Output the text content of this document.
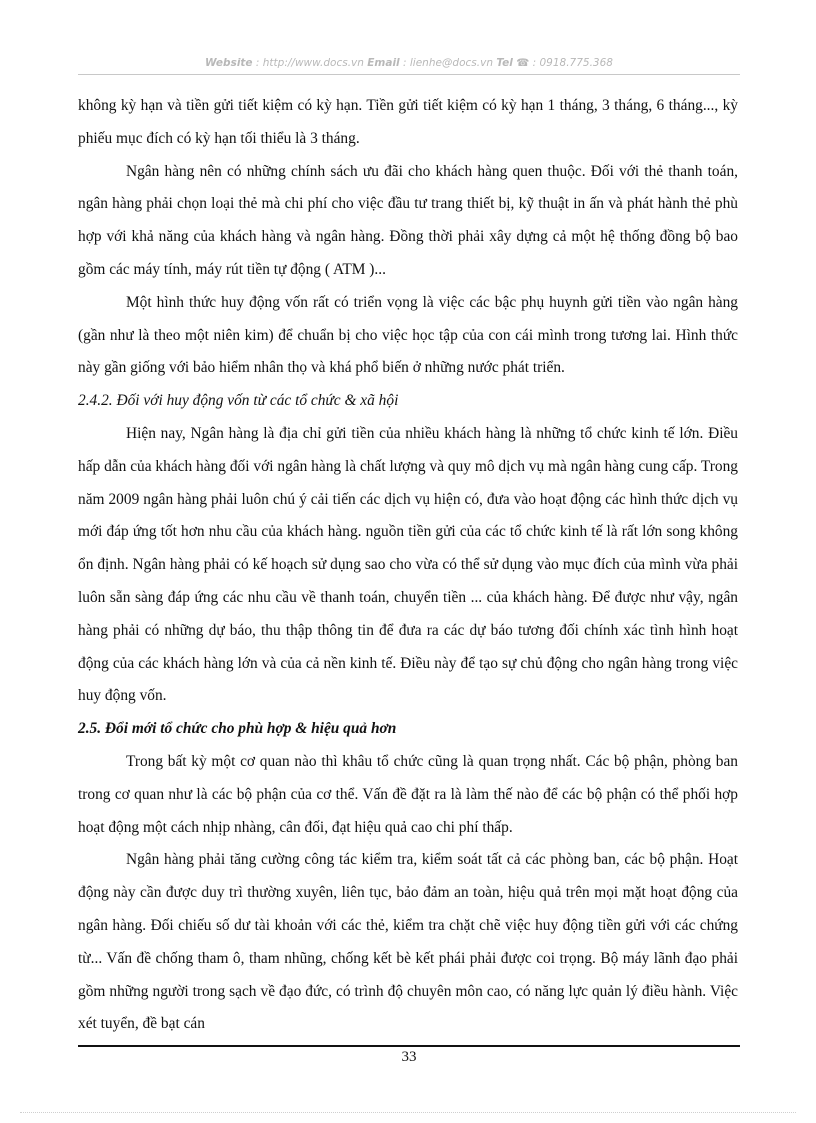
Website : http://www.docs.vn Email : lienhe@docs.vn Tel ☎ : 0918.775.368

không kỳ hạn và tiền gửi tiết kiệm có kỳ hạn. Tiền gửi tiết kiệm có kỳ hạn 1 tháng, 3 tháng, 6 tháng..., kỳ phiếu mục đích có kỳ hạn tối thiểu là 3 tháng.

Ngân hàng nên có những chính sách ưu đãi cho khách hàng quen thuộc. Đối với thẻ thanh toán, ngân hàng phải chọn loại thẻ mà chi phí cho việc đầu tư trang thiết bị, kỹ thuật in ấn và phát hành thẻ phù hợp với khả năng của khách hàng và ngân hàng. Đồng thời phải xây dựng cả một hệ thống đồng bộ bao gồm các máy tính, máy rút tiền tự động ( ATM )...

Một hình thức huy động vốn rất có triển vọng là việc các bậc phụ huynh gửi tiền vào ngân hàng (gần như là theo một niên kim) để chuẩn bị cho việc học tập của con cái mình trong tương lai. Hình thức này gần giống với bảo hiểm nhân thọ và khá phổ biến ở những nước phát triển.

2.4.2. Đối với huy động vốn từ các tổ chức & xã hội

Hiện nay, Ngân hàng là địa chỉ gửi tiền của nhiều khách hàng là những tổ chức kinh tế lớn. Điều hấp dẫn của khách hàng đối với ngân hàng là chất lượng và quy mô dịch vụ mà ngân hàng cung cấp. Trong năm 2009 ngân hàng phải luôn chú ý cải tiến các dịch vụ hiện có, đưa vào hoạt động các hình thức dịch vụ mới đáp ứng tốt hơn nhu cầu của khách hàng. nguồn tiền gửi của các tổ chức kinh tế là rất lớn song không ổn định. Ngân hàng phải có kế hoạch sử dụng sao cho vừa có thể sử dụng vào mục đích của mình vừa phải luôn sẵn sàng đáp ứng các nhu cầu về thanh toán, chuyển tiền ... của khách hàng. Để được như vậy, ngân hàng phải có những dự báo, thu thập thông tin để đưa ra các dự báo tương đối chính xác tình hình hoạt động của các khách hàng lớn và của cả nền kinh tế. Điều này để tạo sự chủ động cho ngân hàng trong việc huy động vốn.

2.5. Đổi mới tổ chức cho phù hợp & hiệu quả hơn

Trong bất kỳ một cơ quan nào thì khâu tổ chức cũng là quan trọng nhất. Các bộ phận, phòng ban trong cơ quan như là các bộ phận của cơ thể. Vấn đề đặt ra là làm thế nào để các bộ phận có thể phối hợp hoạt động một cách nhịp nhàng, cân đối, đạt hiệu quả cao chi phí thấp.

Ngân hàng phải tăng cường công tác kiểm tra, kiểm soát tất cả các phòng ban, các bộ phận. Hoạt động này cần được duy trì thường xuyên, liên tục, bảo đảm an toàn, hiệu quả trên mọi mặt hoạt động của ngân hàng. Đối chiếu số dư tài khoản với các thẻ, kiểm tra chặt chẽ việc huy động tiền gửi với các chứng từ... Vấn đề chống tham ô, tham nhũng, chống kết bè kết phái phải được coi trọng. Bộ máy lãnh đạo phải gồm những người trong sạch về đạo đức, có trình độ chuyên môn cao, có năng lực quản lý điều hành. Việc xét tuyển, đề bạt cán

33
